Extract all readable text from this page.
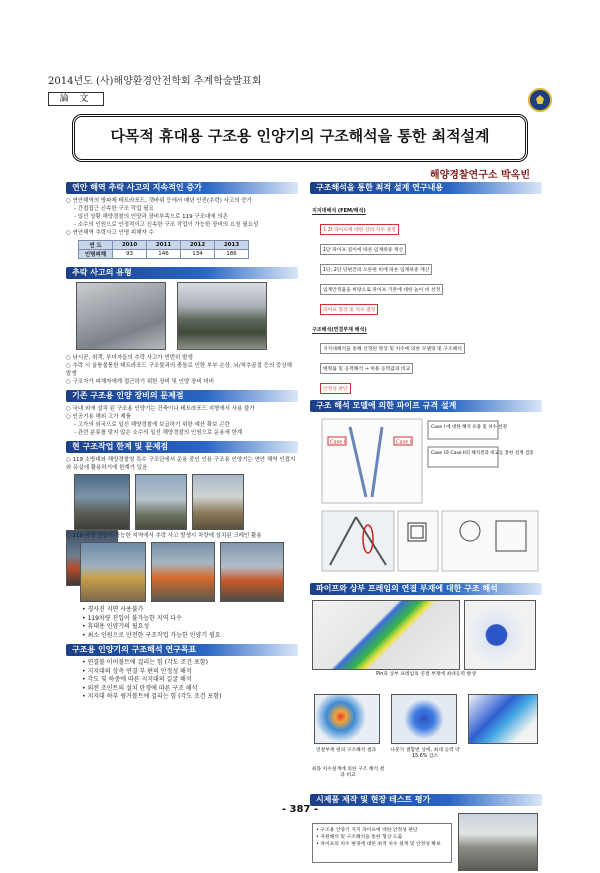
2014년도 (사)해양환경안전학회 추계학술발표회
論 文
다목적 휴대용 구조용 인양기의 구조해석을 통한 최적설계
해양경찰연구소 박옥빈
연안 해역 추락 사고의 지속적인 증가
○ 연안해역의 방파제 테트라포드, 갯바위 등에서 매년 안전(추락) 사고의 증가
- 간접접근 신속한 구조 작업 필요
- 일선 상황 해양경찰의 인양과 장비부족으로 119 구조대에 의존
- 소수의 인원으로 안정적이고 신속한 구조 작업이 가능한 장비의 요청 필요성
○ 연안해역 추락사고 인명 피해자 수
연 도	2010	2011	2012	2013
인명피해	93	146	134	186
추락 사고의 유형

○ 낚시꾼, 취객, 부녀자들의 추락 사고가 빈번히 발생
○ 추락 시 울퉁불퉁한 테트라포드 구조물과의 충돌로 인한 부부 손상, 뇌/척추골절 등의 중상해 발생
○ 구조자가 피해자에게 접근하기 위한 장비 및 인양 장비 미비
기존 구조용 인양 장비의 문제점
○ 국내 외에 설치 된 구조용 인양기는 건축이나 테트라포드 지형에서 사용 불가
○ 인공기용 해외 고가 제품
- 고가의 외국으로 일선 해양경찰에 보급하기 위한 예산 확보 곤란
- 관련 분류를 맞지 않은 소수의 일선 해양경찰의 인원으로 운용에 한계
현 구조작업 한계 및 문제점
○ 119 소방대와 해양경찰청 특수 구조단에서 운용 중인 인용 구조용 인양기는 연안 해역 인접지와 유실에 활용하기에 한계가 있음

○ 119 차량 진입이 가능한 지역에서 추락 사고 발생시 차량에 설치된 크레인 활용

• 경사진 지면 사용불가
• 119차량 진입이 불가능한 지역 다수
• 휴대용 인양기의 필요성
• 최소 인원으로 안전한 구조작업 가능한 인양기 필요
구조용 인양기의 구조해석 연구목표
• 연결볼 이어볼트에 걸리는 힘 (각도 조건 포함)
• 지지대의 상측 연결 부 편의 안정성 해석
• 각도 및 하중에 따른 지지대의 길굴 해석
• 외전 조인트의 설치 탄경에 따른 구조 해석
• 지지대 하부 윙거볼트에 걸리는 힘 (각도 조건 포함)
구조해석을 통한 최적 설계 연구내용
지지대해석 (FEM/해석)
1.2t 파이프에 대한 강의 지수 결정
1단 파이프 길이에 따른 임계하중 계산
1단, 2단 단편간의 오른편 비에 따른 임계하중 계산
임계안정율을 바탕으로 파이프 기본에 대한 높이 비 선정
파이프 형상 및 치수 결정
구조해석(연결부재 해석)
지지대해석을 통해 선정된 형상 및 치수에 의한 모델링 및 구조해석
변형률 및 응력해석 → 허용 응력값과 비교
안정성 판단
구조 해석 모델에 의한 파이프 규격 설계
Case I	Case II
Case I 에 대한 해석 유용 및 치수 선정
Case I과 Case II의 해석결과 비교를 통한 설계 검증
파이프와 상부 프레임의 연결 부재에 대한 구조 해석
Pin과 상부 프레임의 연결 부재에 최대응력 발생

연결부재 편의 구조해석 결과	나뭇가 결합번 상에, 최대 응력 약 15.6% 감소 최종 치수설계에 의한 구조 해석 결과 비교
시제품 제작 및 현장 테스트 평가
• 구조용 인양기 지지 파이프에 대한 안정성 판단
• 자원해석 및 구조해석을 통한 형상 도출
• 파이프의 치수 변경에 대한 최적 치수 설계 및 안정성 확보
- 387 -
